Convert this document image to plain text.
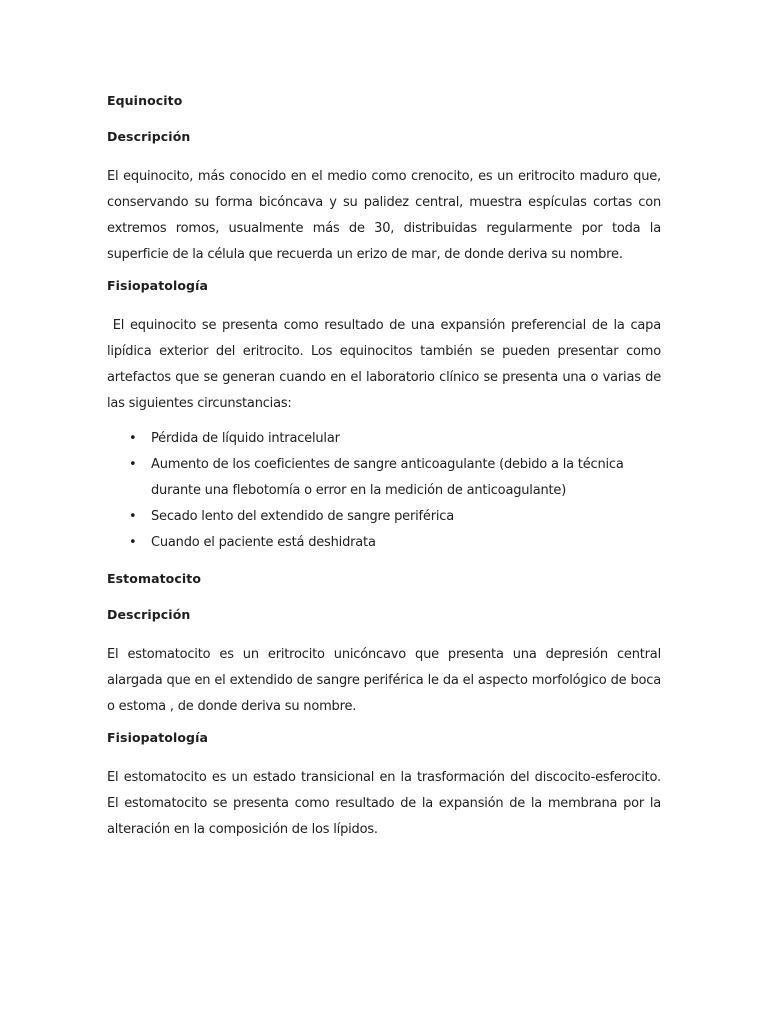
Equinocito
Descripción

El equinocito, más conocido en el medio como crenocito, es un eritrocito maduro que, conservando su forma bicóncava y su palidez central, muestra espículas cortas con extremos romos, usualmente más de 30, distribuidas regularmente por toda la superficie de la célula que recuerda un erizo de mar, de donde deriva su nombre.

Fisiopatología

El equinocito se presenta como resultado de una expansión preferencial de la capa lipídica exterior del eritrocito. Los equinocitos también se pueden presentar como artefactos que se generan cuando en el laboratorio clínico se presenta una o varias de las siguientes circunstancias:

• Pérdida de líquido intracelular
• Aumento de los coeficientes de sangre anticoagulante (debido a la técnica durante una flebotomía o error en la medición de anticoagulante)
• Secado lento del extendido de sangre periférica
• Cuando el paciente está deshidrata
Estomatocito
Descripción

El estomatocito es un eritrocito unicóncavo que presenta una depresión central alargada que en el extendido de sangre periférica le da el aspecto morfológico de boca o estoma , de donde deriva su nombre.

Fisiopatología

El estomatocito es un estado transicional en la trasformación del discocito-esferocito. El estomatocito se presenta como resultado de la expansión de la membrana por la alteración en la composición de los lípidos.
